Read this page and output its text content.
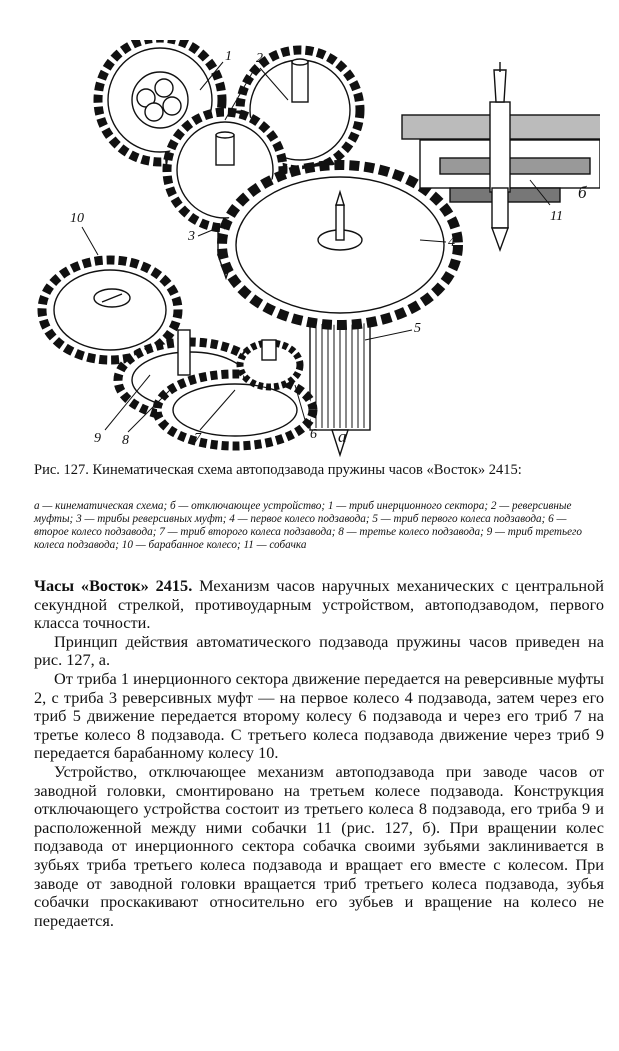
1 2
3	4
5
6
7
8
9
10	11
а
б
Рис. 127. Кинематическая схема автоподзавода пружины часов «Восток» 2415:
а — кинематическая схема; б — отключающее устройство; 1 — триб инерционного сектора; 2 — реверсивные муфты; 3 — трибы реверсивных муфт; 4 — первое колесо подзавода; 5 — триб первого колеса подзавода; 6 — второе колесо подзавода; 7 — триб второго колеса подзавода; 8 — третье колесо подзавода; 9 — триб третьего колеса подзавода; 10 — барабанное колесо; 11 — собачка

Часы «Восток» 2415. Механизм часов наручных механических с центральной секундной стрелкой, противоударным устройством, автоподзаводом, первого класса точности.

Принцип действия автоматического подзавода пружины часов приведен на рис. 127, а.

От триба 1 инерционного сектора движение передается на реверсивные муфты 2, с триба 3 реверсивных муфт — на первое колесо 4 подзавода, затем через его триб 5 движение передается второму колесу 6 подзавода и через его триб 7 на третье колесо 8 подзавода. С третьего колеса подзавода движение через триб 9 передается барабанному колесу 10.

Устройство, отключающее механизм автоподзавода при заводе часов от заводной головки, смонтировано на третьем колесе подзавода. Конструкция отключающего устройства состоит из третьего колеса 8 подзавода, его триба 9 и расположенной между ними собачки 11 (рис. 127, б). При вращении колес подзавода от инерционного сектора собачка своими зубьями заклинивается в зубьях триба третьего колеса подзавода и вращает его вместе с колесом. При заводе от заводной головки вращается триб третьего колеса подзавода, зубья собачки проскакивают относительно его зубьев и вращение на колесо не передается.
